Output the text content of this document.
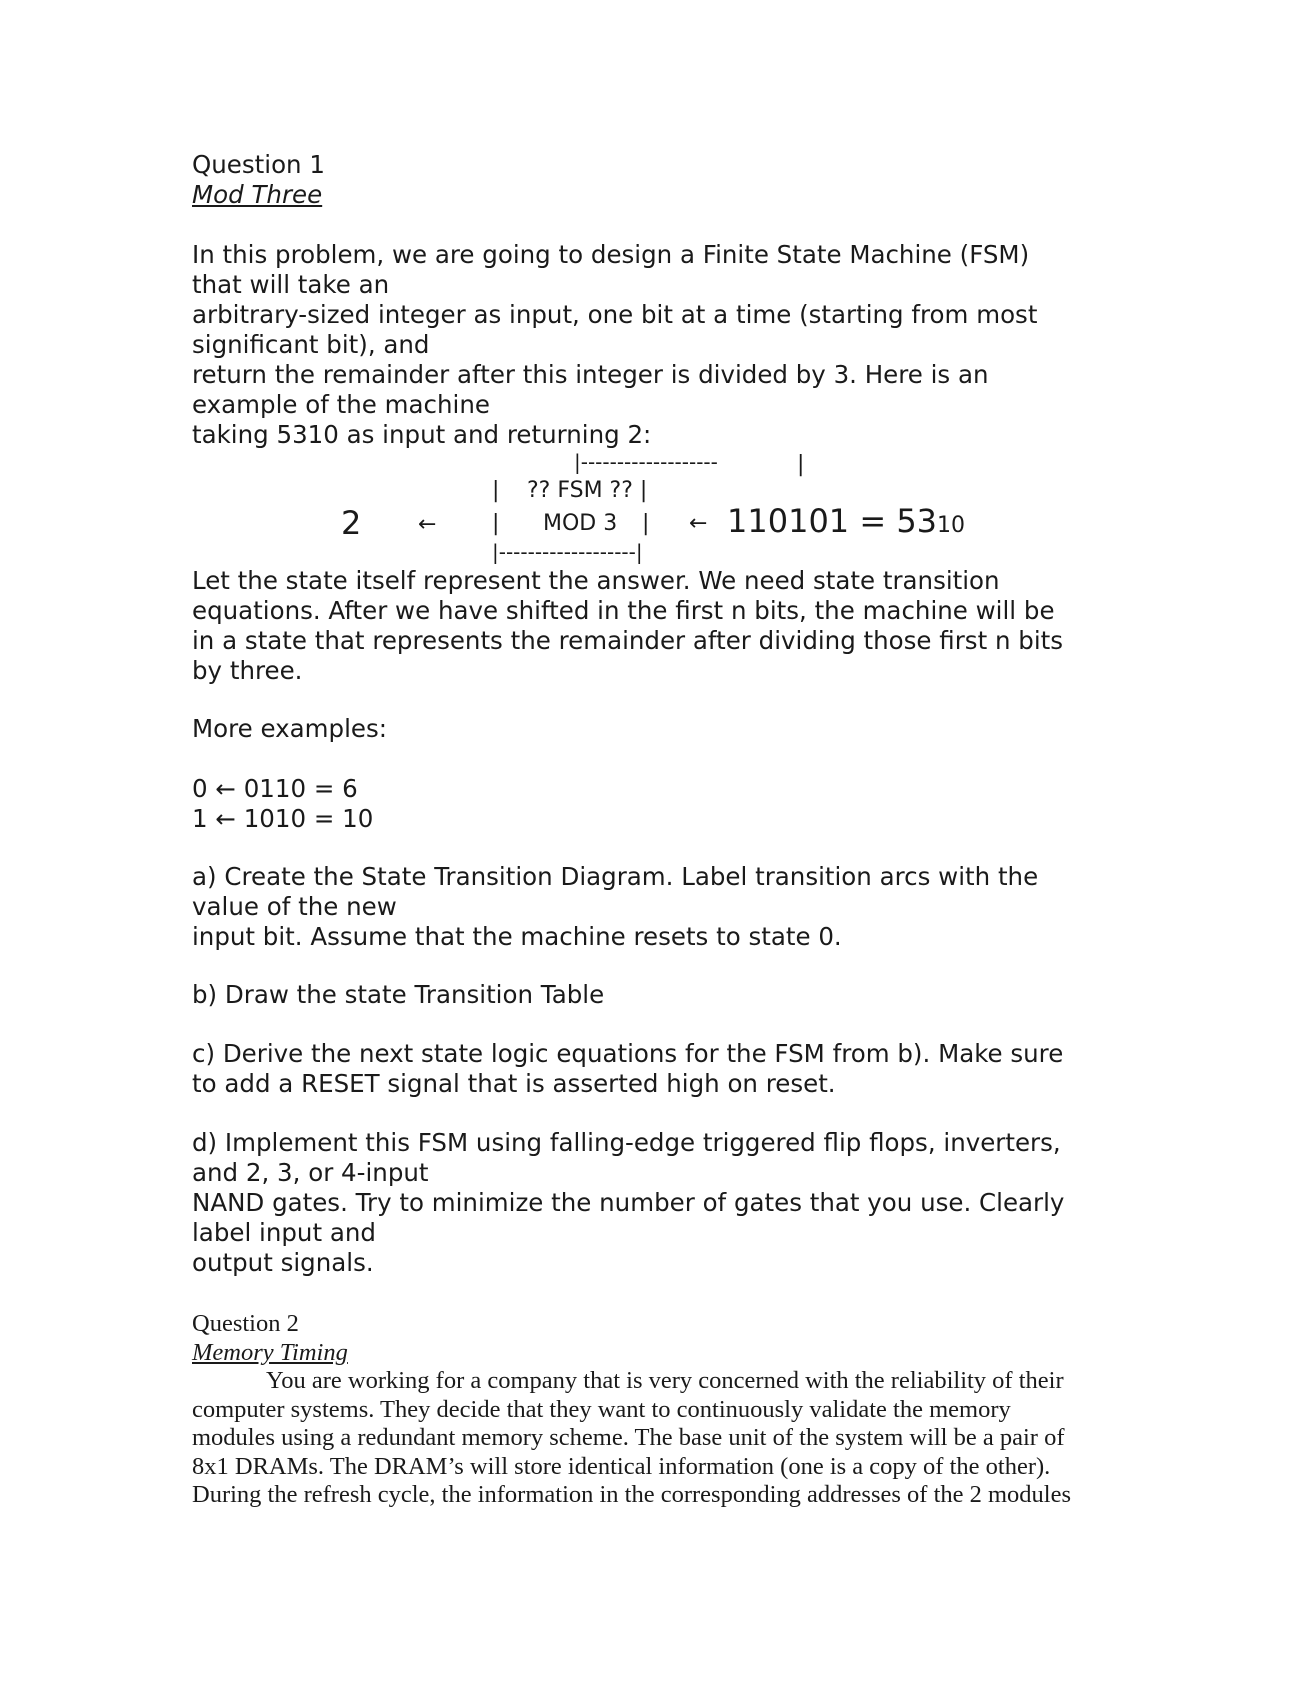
Question 1
Mod Three
In this problem, we are going to design a Finite State Machine (FSM)
that will take an
arbitrary-sized integer as input, one bit at a time (starting from most
significant bit), and
return the remainder after this integer is divided by 3. Here is an
example of the machine
taking 5310 as input and returning 2:
|-------------------	|
| ?? FSM ?? |
2	←	| MOD 3 | ← 110101 = 5310
|-------------------|
Let the state itself represent the answer. We need state transition
equations. After we have shifted in the first n bits, the machine will be
in a state that represents the remainder after dividing those first n bits
by three.
More examples:
0 ← 0110 = 6
1 ← 1010 = 10
a) Create the State Transition Diagram. Label transition arcs with the
value of the new
input bit. Assume that the machine resets to state 0.
b) Draw the state Transition Table
c) Derive the next state logic equations for the FSM from b). Make sure
to add a RESET signal that is asserted high on reset.
d) Implement this FSM using falling-edge triggered flip flops, inverters,
and 2, 3, or 4-input
NAND gates. Try to minimize the number of gates that you use. Clearly
label input and
output signals.
Question 2
Memory Timing
You are working for a company that is very concerned with the reliability of their
computer systems. They decide that they want to continuously validate the memory
modules using a redundant memory scheme. The base unit of the system will be a pair of
8x1 DRAMs. The DRAM’s will store identical information (one is a copy of the other).
During the refresh cycle, the information in the corresponding addresses of the 2 modules
